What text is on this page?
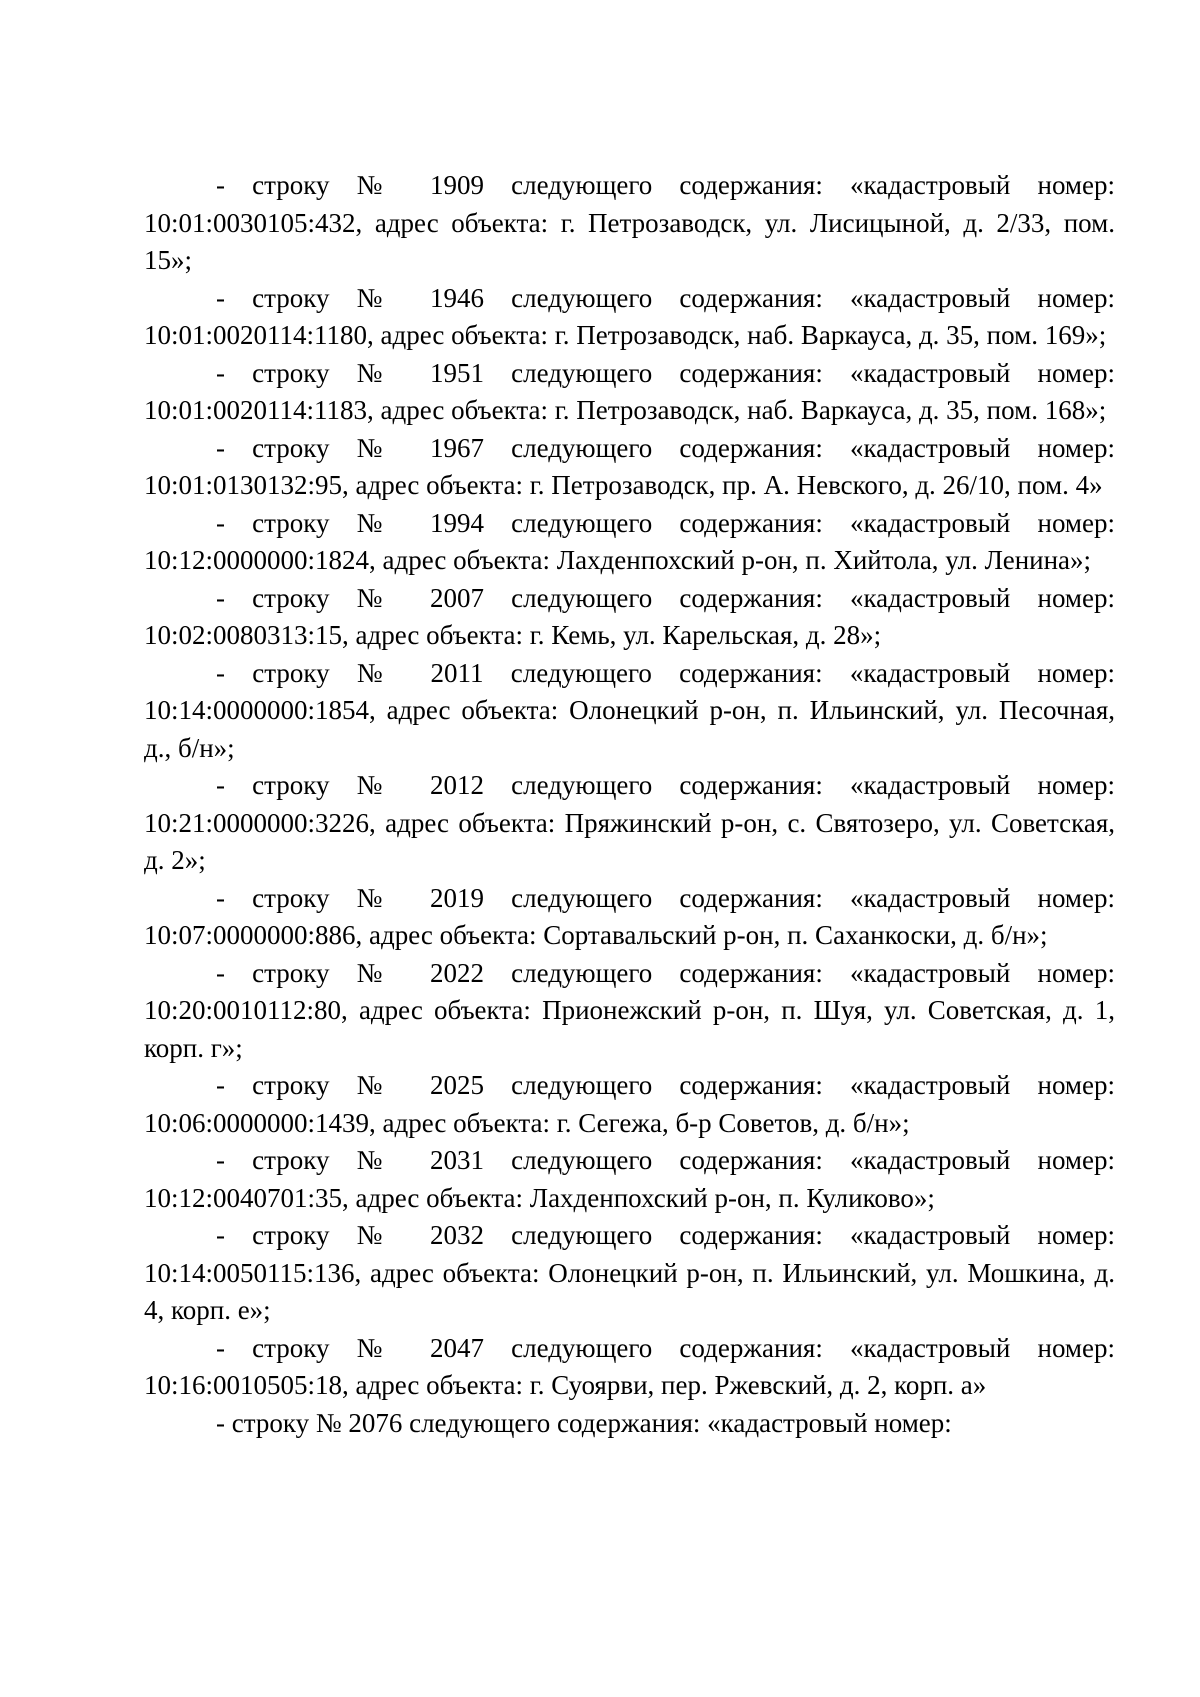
- строку № 1909 следующего содержания: «кадастровый номер: 10:01:0030105:432, адрес объекта: г. Петрозаводск, ул. Лисицыной, д. 2/33, пом. 15»;

- строку № 1946 следующего содержания: «кадастровый номер: 10:01:0020114:1180, адрес объекта: г. Петрозаводск, наб. Варкауса, д. 35, пом. 169»;

- строку № 1951 следующего содержания: «кадастровый номер: 10:01:0020114:1183, адрес объекта: г. Петрозаводск, наб. Варкауса, д. 35, пом. 168»;

- строку № 1967 следующего содержания: «кадастровый номер: 10:01:0130132:95, адрес объекта: г. Петрозаводск, пр. А. Невского, д. 26/10, пом. 4»

- строку № 1994 следующего содержания: «кадастровый номер: 10:12:0000000:1824, адрес объекта: Лахденпохский р-он, п. Хийтола, ул. Ленина»;

- строку № 2007 следующего содержания: «кадастровый номер: 10:02:0080313:15, адрес объекта: г. Кемь, ул. Карельская, д. 28»;

- строку № 2011 следующего содержания: «кадастровый номер: 10:14:0000000:1854, адрес объекта: Олонецкий р-он, п. Ильинский, ул. Песочная, д., б/н»;

- строку № 2012 следующего содержания: «кадастровый номер: 10:21:0000000:3226, адрес объекта: Пряжинский р-он, с. Святозеро, ул. Советская, д. 2»;

- строку № 2019 следующего содержания: «кадастровый номер: 10:07:0000000:886, адрес объекта: Сортавальский р-он, п. Саханкоски, д. б/н»;

- строку № 2022 следующего содержания: «кадастровый номер: 10:20:0010112:80, адрес объекта: Прионежский р-он, п. Шуя, ул. Советская, д. 1, корп. г»;

- строку № 2025 следующего содержания: «кадастровый номер: 10:06:0000000:1439, адрес объекта: г. Сегежа, б-р Советов, д. б/н»;

- строку № 2031 следующего содержания: «кадастровый номер: 10:12:0040701:35, адрес объекта: Лахденпохский р-он, п. Куликово»;

- строку № 2032 следующего содержания: «кадастровый номер: 10:14:0050115:136, адрес объекта: Олонецкий р-он, п. Ильинский, ул. Мошкина, д. 4, корп. е»;

- строку № 2047 следующего содержания: «кадастровый номер: 10:16:0010505:18, адрес объекта: г. Суоярви, пер. Ржевский, д. 2, корп. а»

- строку № 2076 следующего содержания: «кадастровый номер:
